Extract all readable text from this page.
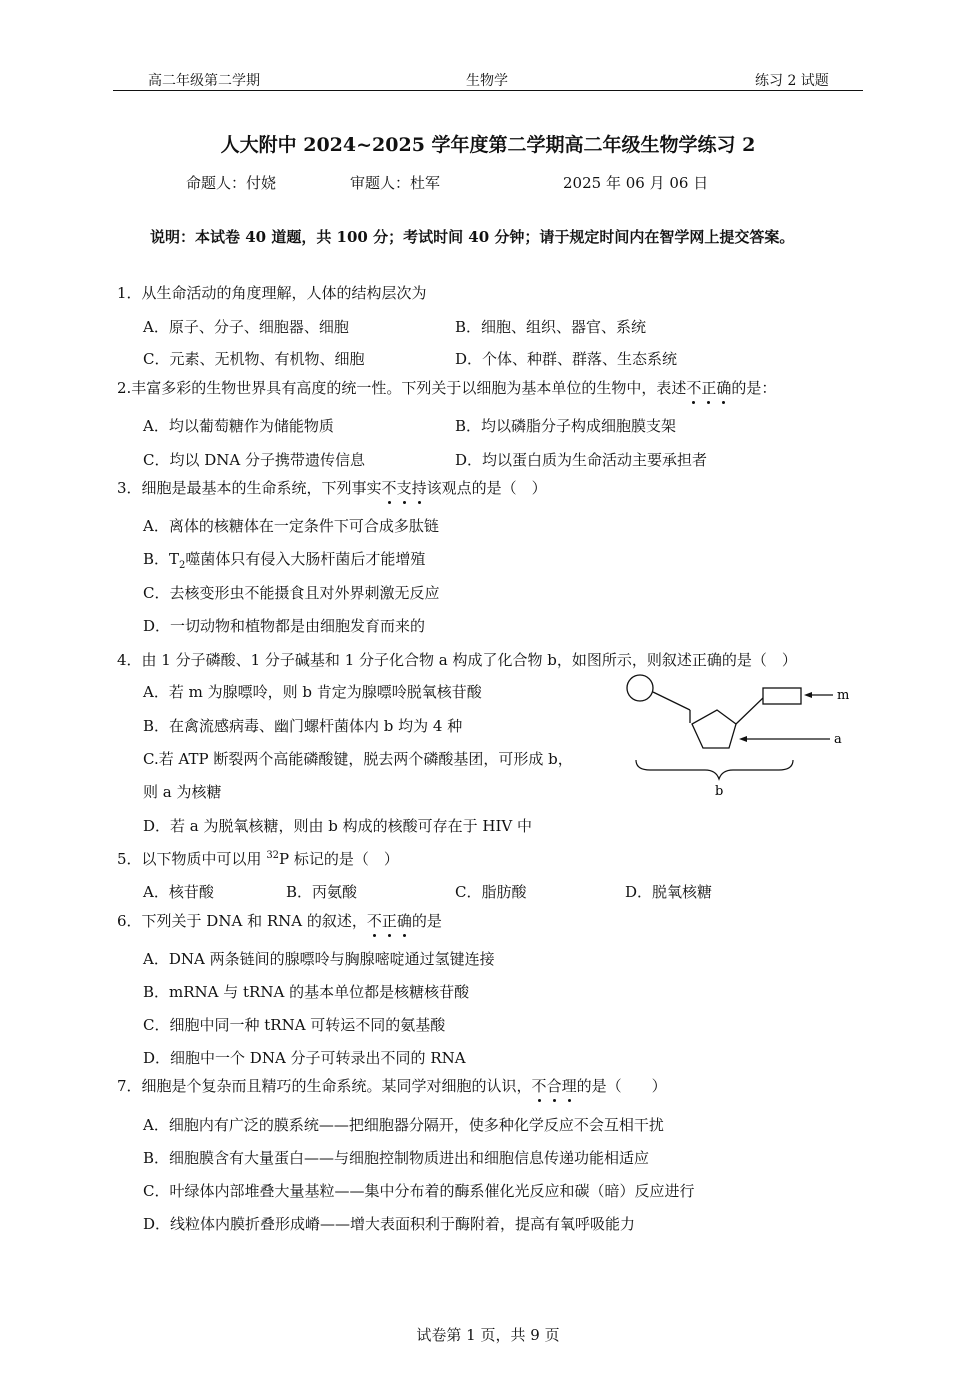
高二年级第二学期	生物学	练习 2 试题
人大附中 2024~2025 学年度第二学期高二年级生物学练习 2
命题人：付娆	审题人：杜军	2025 年 06 月 06 日
说明：本试卷 40 道题，共 100 分；考试时间 40 分钟；请于规定时间内在智学网上提交答案。
1．从生命活动的角度理解，人体的结构层次为
A．原子、分子、细胞器、细胞	B．细胞、组织、器官、系统
C．元素、无机物、有机物、细胞	D．个体、种群、群落、生态系统
2.丰富多彩的生物世界具有高度的统一性。下列关于以细胞为基本单位的生物中，表述不正确的是：
A．均以葡萄糖作为储能物质	B．均以磷脂分子构成细胞膜支架
C．均以 DNA 分子携带遗传信息	D．均以蛋白质为生命活动主要承担者
3．细胞是最基本的生命系统，下列事实不支持该观点的是（　）
A．离体的核糖体在一定条件下可合成多肽链
B．$T_2$噬菌体只有侵入大肠杆菌后才能增殖
C．去核变形虫不能摄食且对外界刺激无反应
D．一切动物和植物都是由细胞发育而来的
4．由 1 分子磷酸、1 分子碱基和 1 分子化合物 a 构成了化合物 b，如图所示，则叙述正确的是（　）
A．若 m 为腺嘌呤，则 b 肯定为腺嘌呤脱氧核苷酸
B．在禽流感病毒、幽门螺杆菌体内 b 均为 4 种
C.若 ATP 断裂两个高能磷酸键，脱去两个磷酸基团，可形成 b，
则 a 为核糖
D．若 a 为脱氧核糖，则由 b 构成的核酸可存在于 HIV 中
m
a
b
5．以下物质中可以用 $^{32}$P 标记的是（　）
A．核苷酸	B．丙氨酸	C．脂肪酸	D．脱氧核糖
6．下列关于 DNA 和 RNA 的叙述，不正确的是
A．DNA 两条链间的腺嘌呤与胸腺嘧啶通过氢键连接
B．mRNA 与 tRNA 的基本单位都是核糖核苷酸
C．细胞中同一种 tRNA 可转运不同的氨基酸
D．细胞中一个 DNA 分子可转录出不同的 RNA
7．细胞是个复杂而且精巧的生命系统。某同学对细胞的认识，不合理的是（　　）
A．细胞内有广泛的膜系统——把细胞器分隔开，使多种化学反应不会互相干扰
B．细胞膜含有大量蛋白——与细胞控制物质进出和细胞信息传递功能相适应
C．叶绿体内部堆叠大量基粒——集中分布着的酶系催化光反应和碳（暗）反应进行
D．线粒体内膜折叠形成嵴——增大表面积利于酶附着，提高有氧呼吸能力
试卷第 1 页，共 9 页
